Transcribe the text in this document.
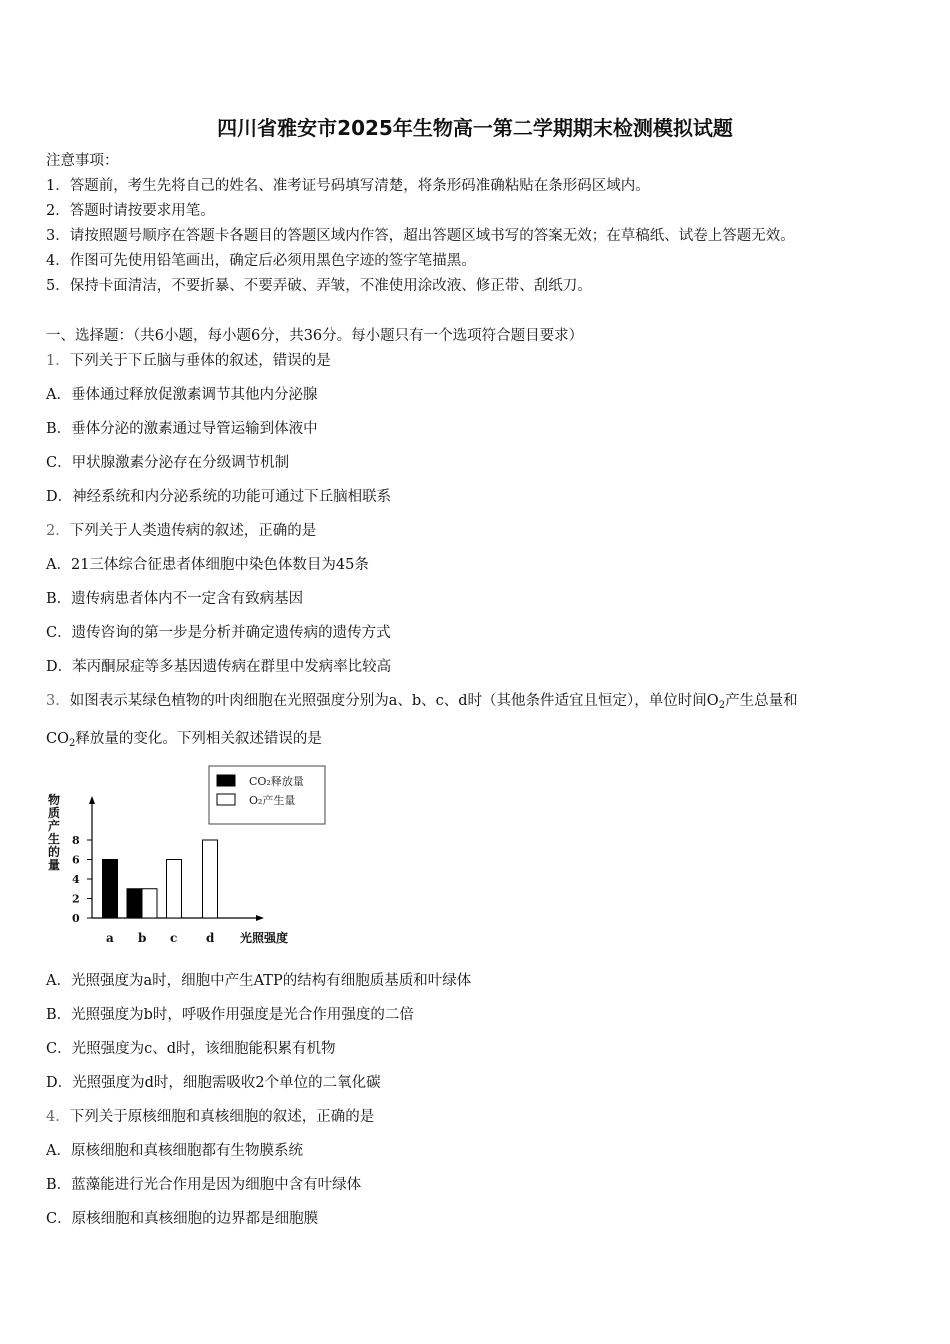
四川省雅安市2025年生物高一第二学期期末检测模拟试题
注意事项：
1．答题前，考生先将自己的姓名、准考证号码填写清楚，将条形码准确粘贴在条形码区域内。
2．答题时请按要求用笔。
3．请按照题号顺序在答题卡各题目的答题区域内作答，超出答题区域书写的答案无效；在草稿纸、试卷上答题无效。
4．作图可先使用铅笔画出，确定后必须用黑色字迹的签字笔描黑。
5．保持卡面清洁，不要折暴、不要弄破、弄皱，不准使用涂改液、修正带、刮纸刀。
一、选择题：（共6小题，每小题6分，共36分。每小题只有一个选项符合题目要求）
1．下列关于下丘脑与垂体的叙述，错误的是
A．垂体通过释放促激素调节其他内分泌腺
B．垂体分泌的激素通过导管运输到体液中
C．甲状腺激素分泌存在分级调节机制
D．神经系统和内分泌系统的功能可通过下丘脑相联系
2．下列关于人类遗传病的叙述，正确的是
A．21三体综合征患者体细胞中染色体数目为45条
B．遗传病患者体内不一定含有致病基因
C．遗传咨询的第一步是分析并确定遗传病的遗传方式
D．苯丙酮尿症等多基因遗传病在群里中发病率比较高
3．如图表示某绿色植物的叶肉细胞在光照强度分别为a、b、c、d时（其他条件适宜且恒定），单位时间$O_2$产生总量和
$CO_2$释放量的变化。下列相关叙述错误的是
CO₂释放量
O₂产生量
物
质
产
生
的
量
光照强度
0
2
4
6
8
a b c d
A．光照强度为a时，细胞中产生ATP的结构有细胞质基质和叶绿体
B．光照强度为b时，呼吸作用强度是光合作用强度的二倍
C．光照强度为c、d时，该细胞能积累有机物
D．光照强度为d时，细胞需吸收2个单位的二氧化碳
4．下列关于原核细胞和真核细胞的叙述，正确的是
A．原核细胞和真核细胞都有生物膜系统
B．蓝藻能进行光合作用是因为细胞中含有叶绿体
C．原核细胞和真核细胞的边界都是细胞膜
